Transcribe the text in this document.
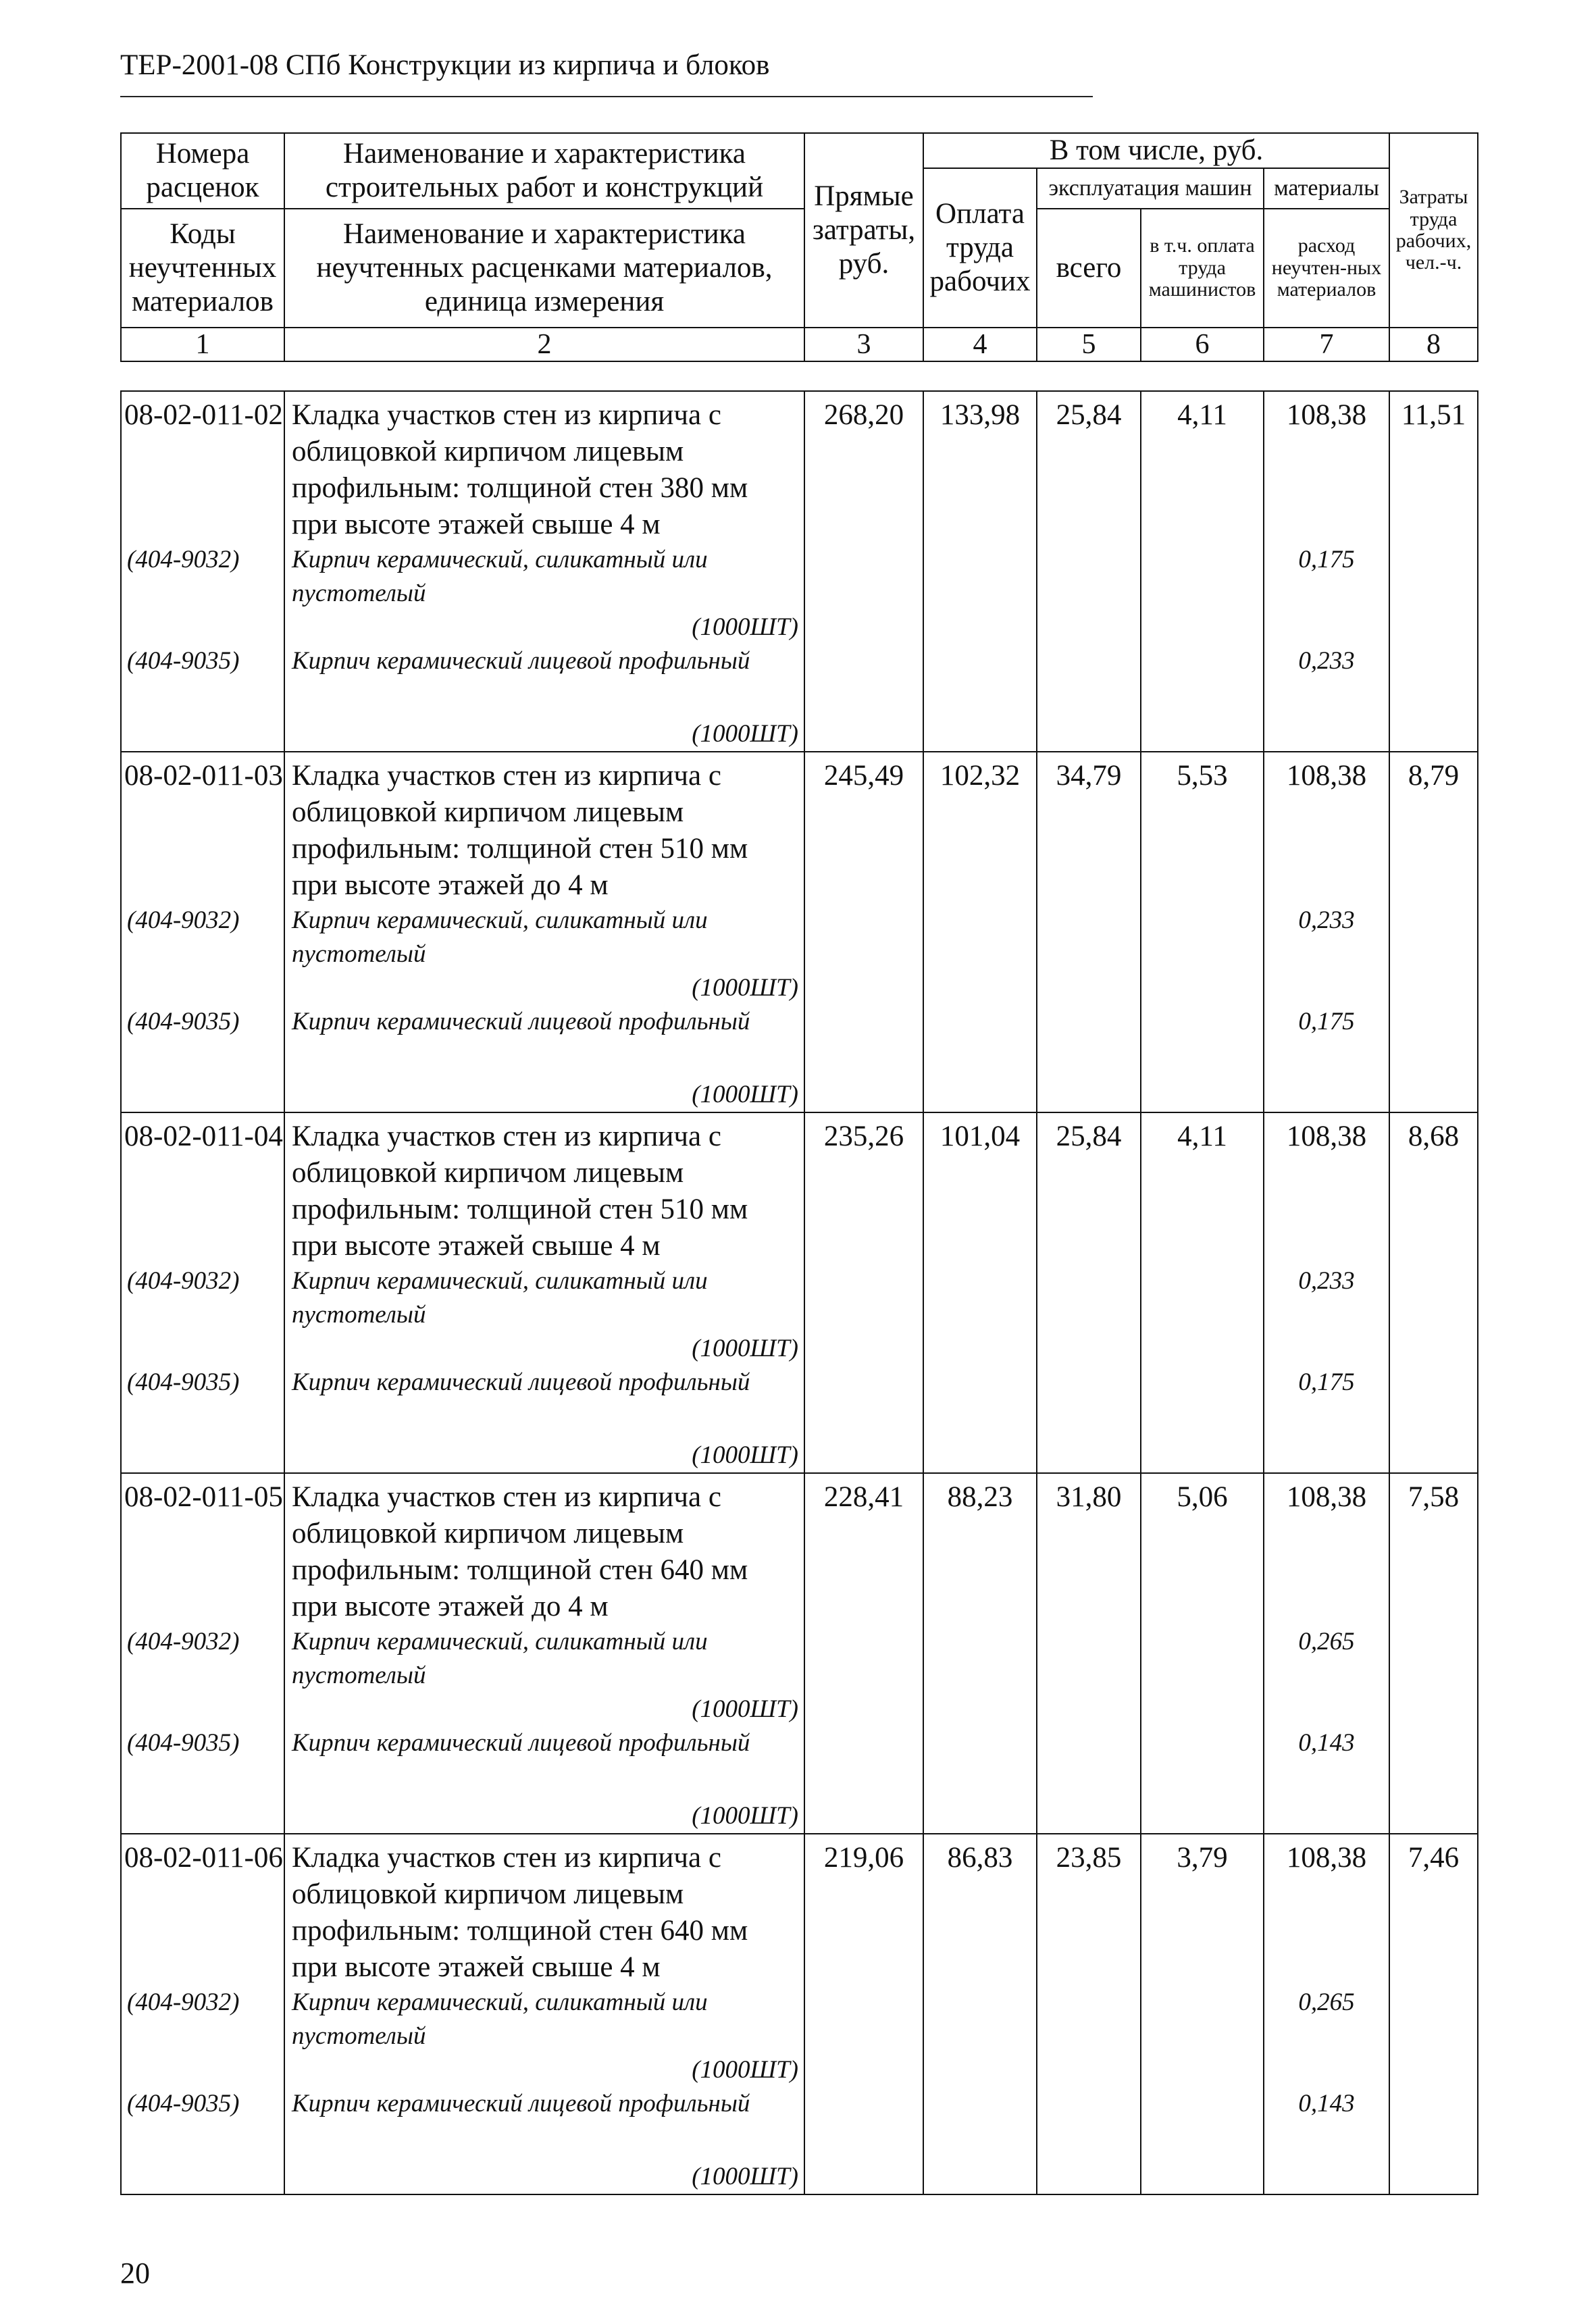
ТЕР-2001-08 СПб Конструкции из кирпича и блоков
Номера расценок	Наименование и характеристика строительных работ и конструкций	Прямые затраты, руб.	В том числе, руб.				Затраты труда рабочих, чел.-ч.
			Оплата труда рабочих	эксплуатация машин		материалы	
Коды неучтенных материалов	Наименование и характеристика неучтенных расценками материалов, единица измерения			всего	в т.ч. оплата труда машинистов	расход неучтен-ных материалов	

1	2	3	4	5	6	7	8
08-02-011-02	Кладка участков стен из кирпича с облицовкой кирпичом лицевым профильным: толщиной стен 380 мм при высоте этажей свыше 4 м	268,20	133,98	25,84	4,11	108,38	11,51
(404-9032)	Кирпич керамический, силикатный или пустотелый					0,175	
	(1000ШТ)						
(404-9035)	Кирпич керамический лицевой профильный					0,233	
	(1000ШТ)						
08-02-011-03	Кладка участков стен из кирпича с облицовкой кирпичом лицевым профильным: толщиной стен 510 мм при высоте этажей до 4 м	245,49	102,32	34,79	5,53	108,38	8,79
(404-9032)	Кирпич керамический, силикатный или пустотелый					0,233	
	(1000ШТ)						
(404-9035)	Кирпич керамический лицевой профильный					0,175	
	(1000ШТ)						
08-02-011-04	Кладка участков стен из кирпича с облицовкой кирпичом лицевым профильным: толщиной стен 510 мм при высоте этажей свыше 4 м	235,26	101,04	25,84	4,11	108,38	8,68
(404-9032)	Кирпич керамический, силикатный или пустотелый					0,233	
	(1000ШТ)						
(404-9035)	Кирпич керамический лицевой профильный					0,175	
	(1000ШТ)						
08-02-011-05	Кладка участков стен из кирпича с облицовкой кирпичом лицевым профильным: толщиной стен 640 мм при высоте этажей до 4 м	228,41	88,23	31,80	5,06	108,38	7,58
(404-9032)	Кирпич керамический, силикатный или пустотелый					0,265	
	(1000ШТ)						
(404-9035)	Кирпич керамический лицевой профильный					0,143	
	(1000ШТ)						
08-02-011-06	Кладка участков стен из кирпича с облицовкой кирпичом лицевым профильным: толщиной стен 640 мм при высоте этажей свыше 4 м	219,06	86,83	23,85	3,79	108,38	7,46
(404-9032)	Кирпич керамический, силикатный или пустотелый					0,265	
	(1000ШТ)						
(404-9035)	Кирпич керамический лицевой профильный					0,143	
	(1000ШТ)						
20
